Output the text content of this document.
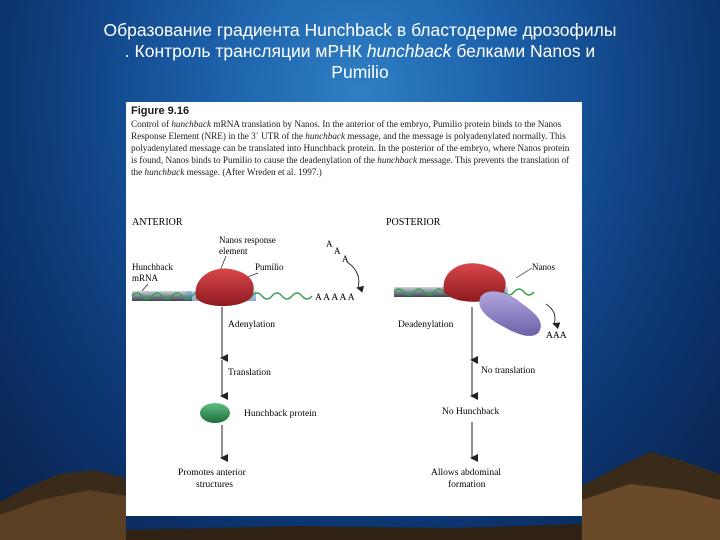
Образование градиента Hunchback в бластодерме дрозофилы
. Контроль трансляции мРНК hunchback белками Nanos и
Pumilio
Figure 9.16
Control of hunchback mRNA translation by Nanos. In the anterior of the embryo, Pumilio protein binds to the Nanos Response Element (NRE) in the 3´ UTR of the hunchback message, and the message is polyadenylated normally. This polyadenylated message can be translated into Hunchback protein. In the posterior of the embryo, where Nanos protein is found, Nanos binds to Pumilio to cause the deadenylation of the hunchback message. This prevents the translation of the hunchback message. (After Wreden et al. 1997.)
ANTERIOR
Nanos response
element
Hunchback
mRNA
Pumilio
A
A
A
A A A A A
Adenylation
Translation
Hunchback protein
Promotes anterior
structures
POSTERIOR
Nanos
AAA
Deadenylation
No translation
No Hunchback
Allows abdominal
formation
